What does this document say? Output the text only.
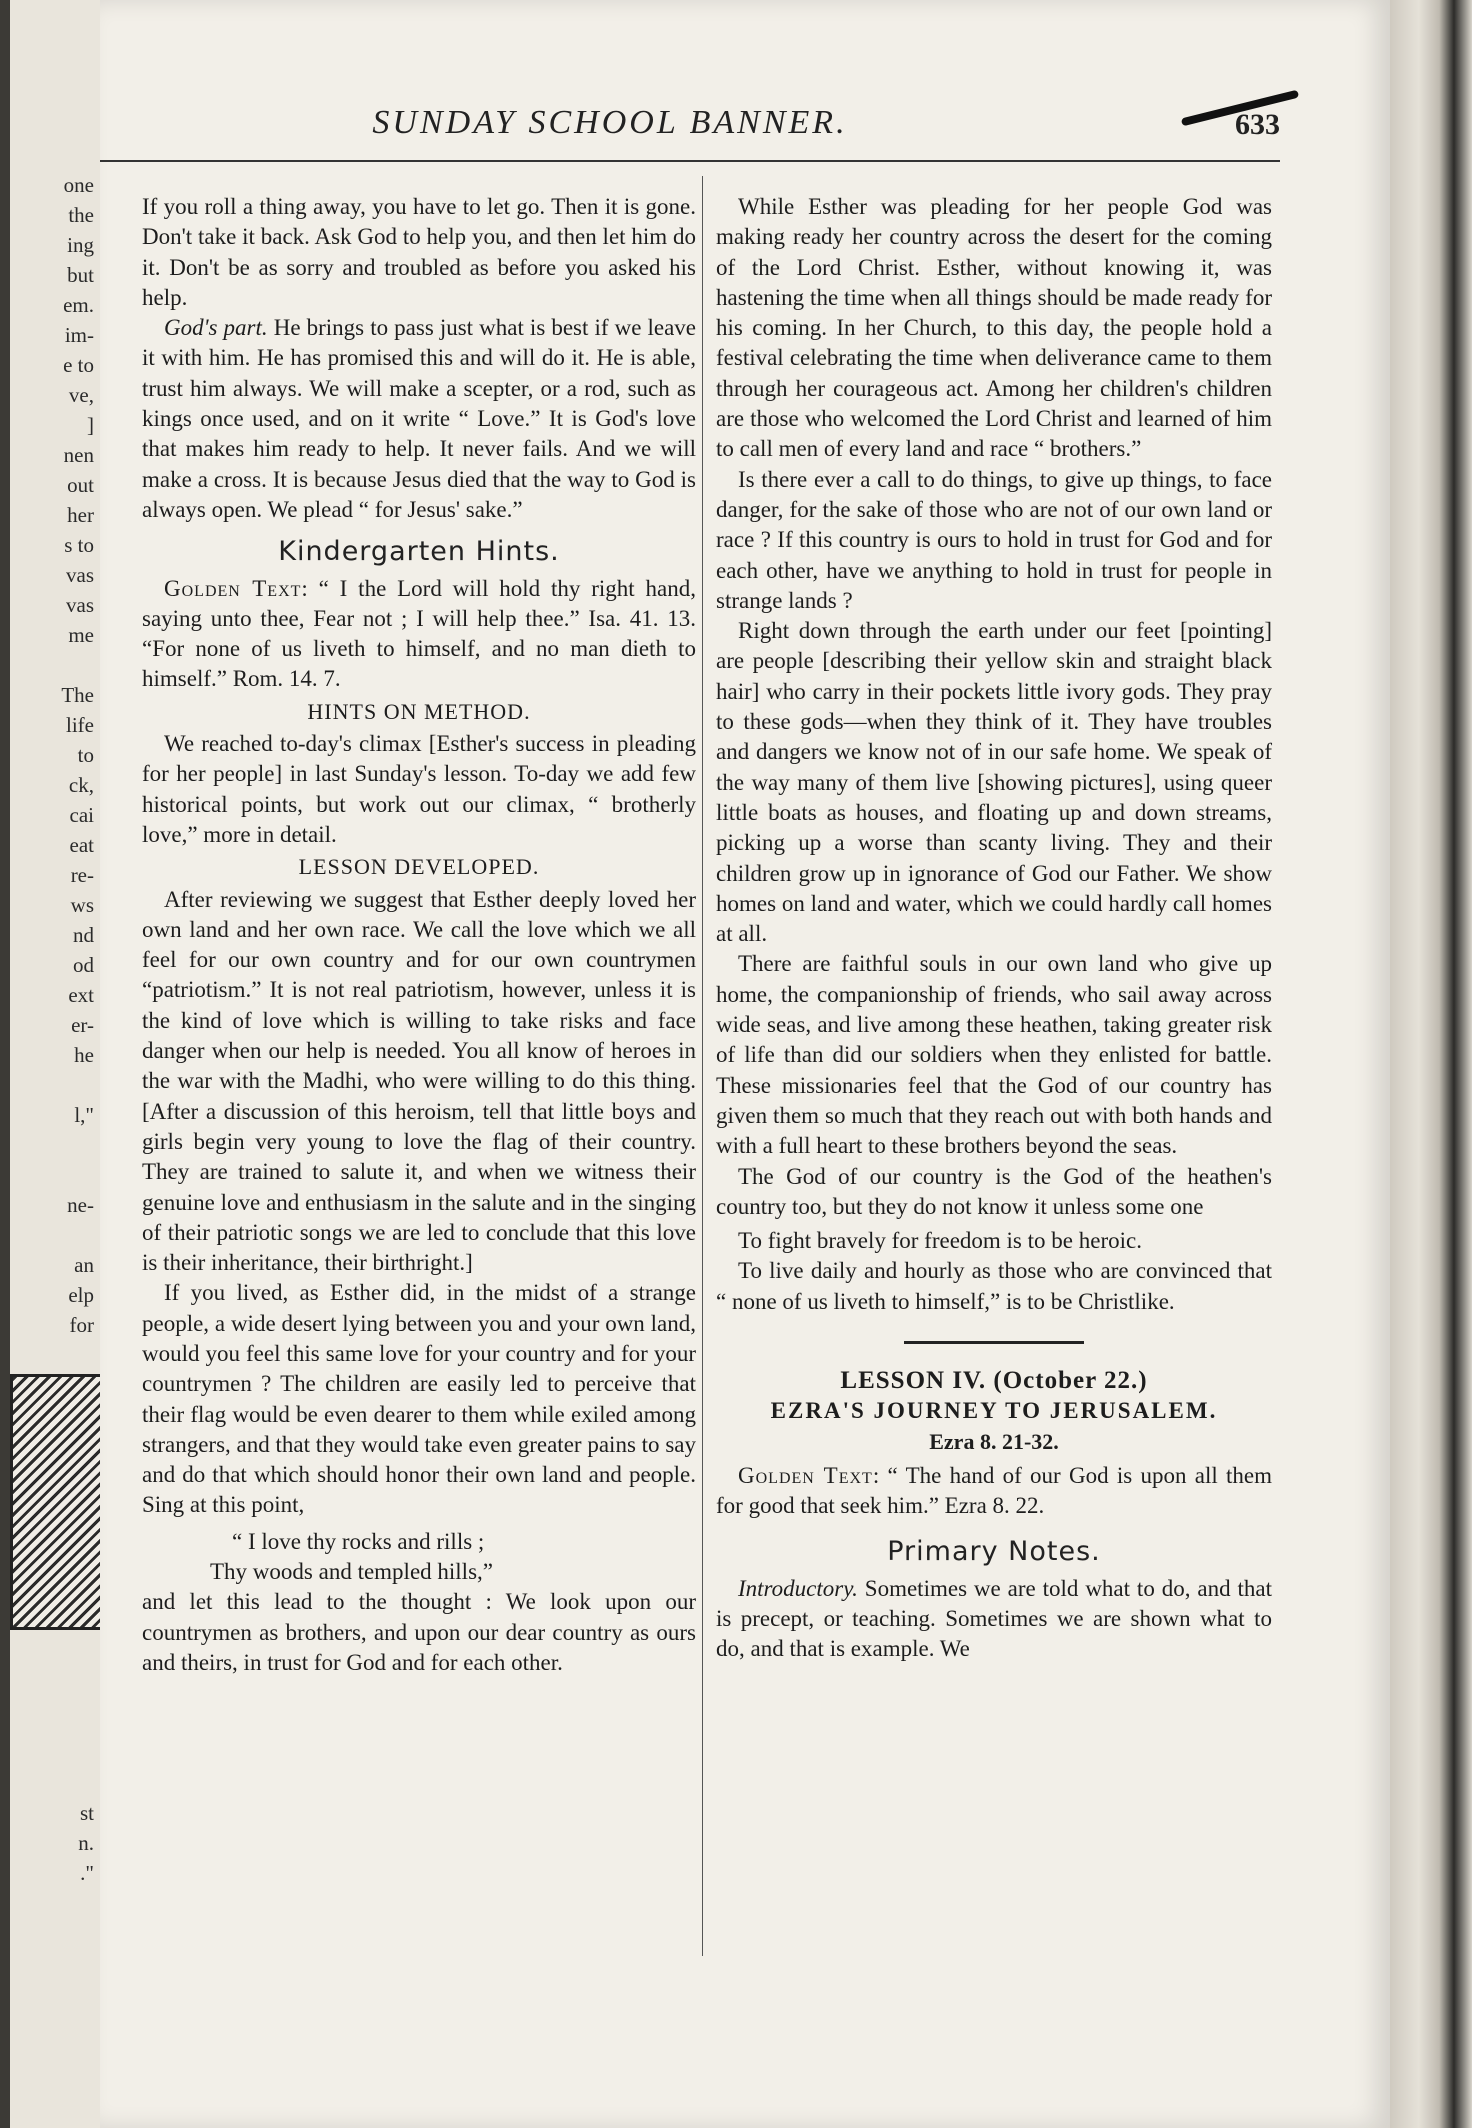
one
the
ing
but
em.
im-
e to
ve,
]
nen
out
her
s to
vas
vas
me

The
life
to
ck,
cai
eat
re-
ws
nd
od
ext
er-
he

l,"

ne-

an
elp
for
st
n.
."
SUNDAY SCHOOL BANNER.	633

If you roll a thing away, you have to let go. Then it is gone. Don't take it back. Ask God to help you, and then let him do it. Don't be as sorry and troubled as before you asked his help.

God's part. He brings to pass just what is best if we leave it with him. He has promised this and will do it. He is able, trust him always. We will make a scepter, or a rod, such as kings once used, and on it write “ Love.” It is God's love that makes him ready to help. It never fails. And we will make a cross. It is because Jesus died that the way to God is always open. We plead “ for Jesus' sake.”

Kindergarten Hints.

Golden Text: “ I the Lord will hold thy right hand, saying unto thee, Fear not ; I will help thee.” Isa. 41. 13. “For none of us liveth to himself, and no man dieth to himself.” Rom. 14. 7.

HINTS ON METHOD.

We reached to-day's climax [Esther's success in pleading for her people] in last Sunday's lesson. To-day we add few historical points, but work out our climax, “ brotherly love,” more in detail.

LESSON DEVELOPED.

After reviewing we suggest that Esther deeply loved her own land and her own race. We call the love which we all feel for our own country and for our own countrymen “patriotism.” It is not real patriotism, however, unless it is the kind of love which is willing to take risks and face danger when our help is needed. You all know of heroes in the war with the Madhi, who were willing to do this thing. [After a discussion of this heroism, tell that little boys and girls begin very young to love the flag of their country. They are trained to salute it, and when we witness their genuine love and enthusiasm in the salute and in the singing of their patriotic songs we are led to conclude that this love is their inheritance, their birthright.]

If you lived, as Esther did, in the midst of a strange people, a wide desert lying between you and your own land, would you feel this same love for your country and for your countrymen ? The children are easily led to perceive that their flag would be even dearer to them while exiled among strangers, and that they would take even greater pains to say and do that which should honor their own land and people. Sing at this point,

“ I love thy rocks and rills ;
Thy woods and templed hills,”

and let this lead to the thought : We look upon our countrymen as brothers, and upon our dear country as ours and theirs, in trust for God and for each other.

While Esther was pleading for her people God was making ready her country across the desert for the coming of the Lord Christ. Esther, without knowing it, was hastening the time when all things should be made ready for his coming. In her Church, to this day, the people hold a festival celebrating the time when deliverance came to them through her courageous act. Among her children's children are those who welcomed the Lord Christ and learned of him to call men of every land and race “ brothers.”

Is there ever a call to do things, to give up things, to face danger, for the sake of those who are not of our own land or race ? If this country is ours to hold in trust for God and for each other, have we anything to hold in trust for people in strange lands ?

Right down through the earth under our feet [pointing] are people [describing their yellow skin and straight black hair] who carry in their pockets little ivory gods. They pray to these gods—when they think of it. They have troubles and dangers we know not of in our safe home. We speak of the way many of them live [showing pictures], using queer little boats as houses, and floating up and down streams, picking up a worse than scanty living. They and their children grow up in ignorance of God our Father. We show homes on land and water, which we could hardly call homes at all.

There are faithful souls in our own land who give up home, the companionship of friends, who sail away across wide seas, and live among these heathen, taking greater risk of life than did our soldiers when they enlisted for battle. These missionaries feel that the God of our country has given them so much that they reach out with both hands and with a full heart to these brothers beyond the seas.

The God of our country is the God of the heathen's country too, but they do not know it unless some one

To fight bravely for freedom is to be heroic.

To live daily and hourly as those who are convinced that “ none of us liveth to himself,” is to be Christlike.

LESSON IV. (October 22.)
EZRA'S JOURNEY TO JERUSALEM.
Ezra 8. 21-32.

Golden Text: “ The hand of our God is upon all them for good that seek him.” Ezra 8. 22.

Primary Notes.

Introductory. Sometimes we are told what to do, and that is precept, or teaching. Sometimes we are shown what to do, and that is example. We
